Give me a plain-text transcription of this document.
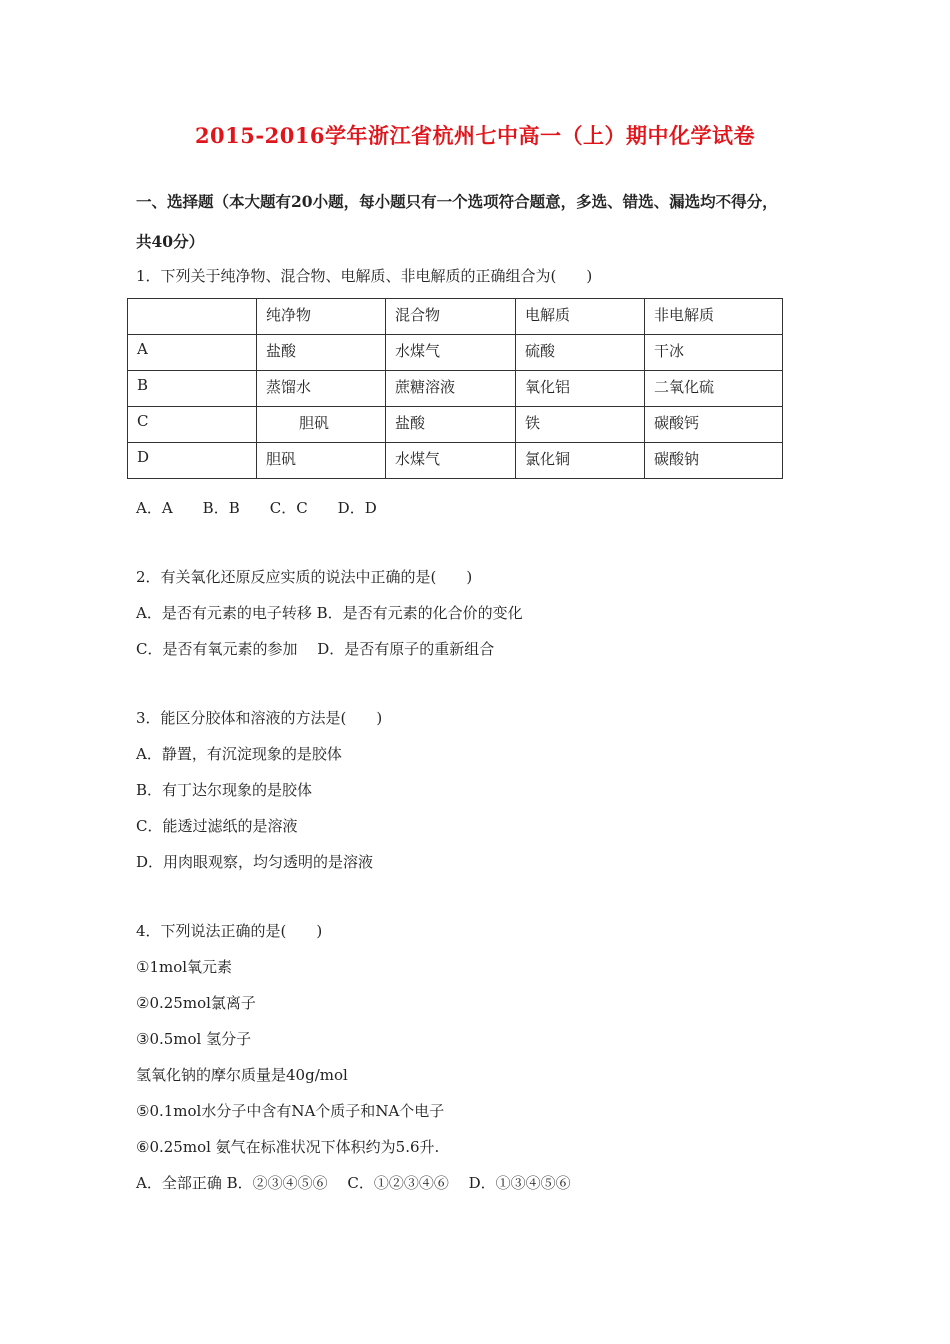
2015-2016学年浙江省杭州七中高一（上）期中化学试卷
一、选择题（本大题有20小题，每小题只有一个选项符合题意，多选、错选、漏选均不得分，
共40分）
1．下列关于纯净物、混合物、电解质、非电解质的正确组合为(　　)
	纯净物	混合物	电解质	非电解质
A	盐酸	水煤气	硫酸	干冰
B	蒸馏水	蔗糖溶液	氧化铝	二氧化硫
C	胆矾	盐酸	铁	碳酸钙
D	胆矾	水煤气	氯化铜	碳酸钠
A．A　　B．B　　C．C　　D．D
2．有关氧化还原反应实质的说法中正确的是(　　)
A．是否有元素的电子转移 B．是否有元素的化合价的变化
C．是否有氧元素的参加　 D．是否有原子的重新组合
3．能区分胶体和溶液的方法是(　　)
A．静置，有沉淀现象的是胶体
B．有丁达尔现象的是胶体
C．能透过滤纸的是溶液
D．用肉眼观察，均匀透明的是溶液
4．下列说法正确的是(　　)
①1mol氧元素
②0.25mol氯离子
③0.5mol 氢分子
氢氧化钠的摩尔质量是40g/mol
⑤0.1mol水分子中含有NA个质子和NA个电子
⑥0.25mol 氨气在标准状况下体积约为5.6升.
A．全部正确 B．②③④⑤⑥　 C．①②③④⑥　 D．①③④⑤⑥
